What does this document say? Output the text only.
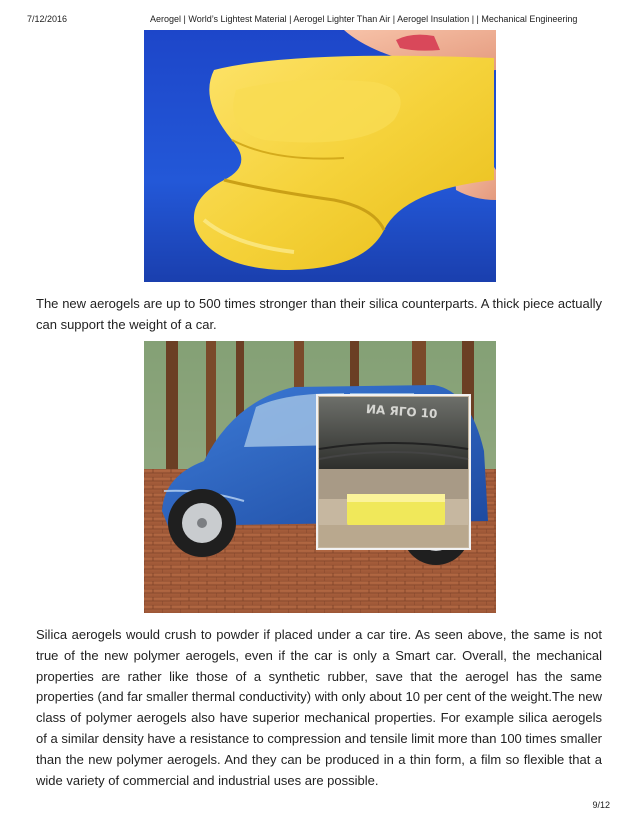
7/12/2016	Aerogel | World’s Lightest Material | Aerogel Lighter Than Air | Aerogel Insulation | | Mechanical Engineering

The new aerogels are up to 500 times stronger than their silica counterparts. A thick piece actually can support the weight of a car.

ИА ЯГО 10

Silica aerogels would crush to powder if placed under a car tire. As seen above, the same is not true of the new polymer aerogels, even if the car is only a Smart car. Overall, the mechanical properties are rather like those of a synthetic rubber, save that the aerogel has the same properties (and far smaller thermal conductivity) with only about 10 per cent of the weight.The new class of polymer aerogels also have superior mechanical properties. For example silica aerogels of a similar density have a resistance to compression and tensile limit more than 100 times smaller than the new polymer aerogels. And they can be produced in a thin form, a film so flexible that a wide variety of commercial and industrial uses are possible.

9/12
